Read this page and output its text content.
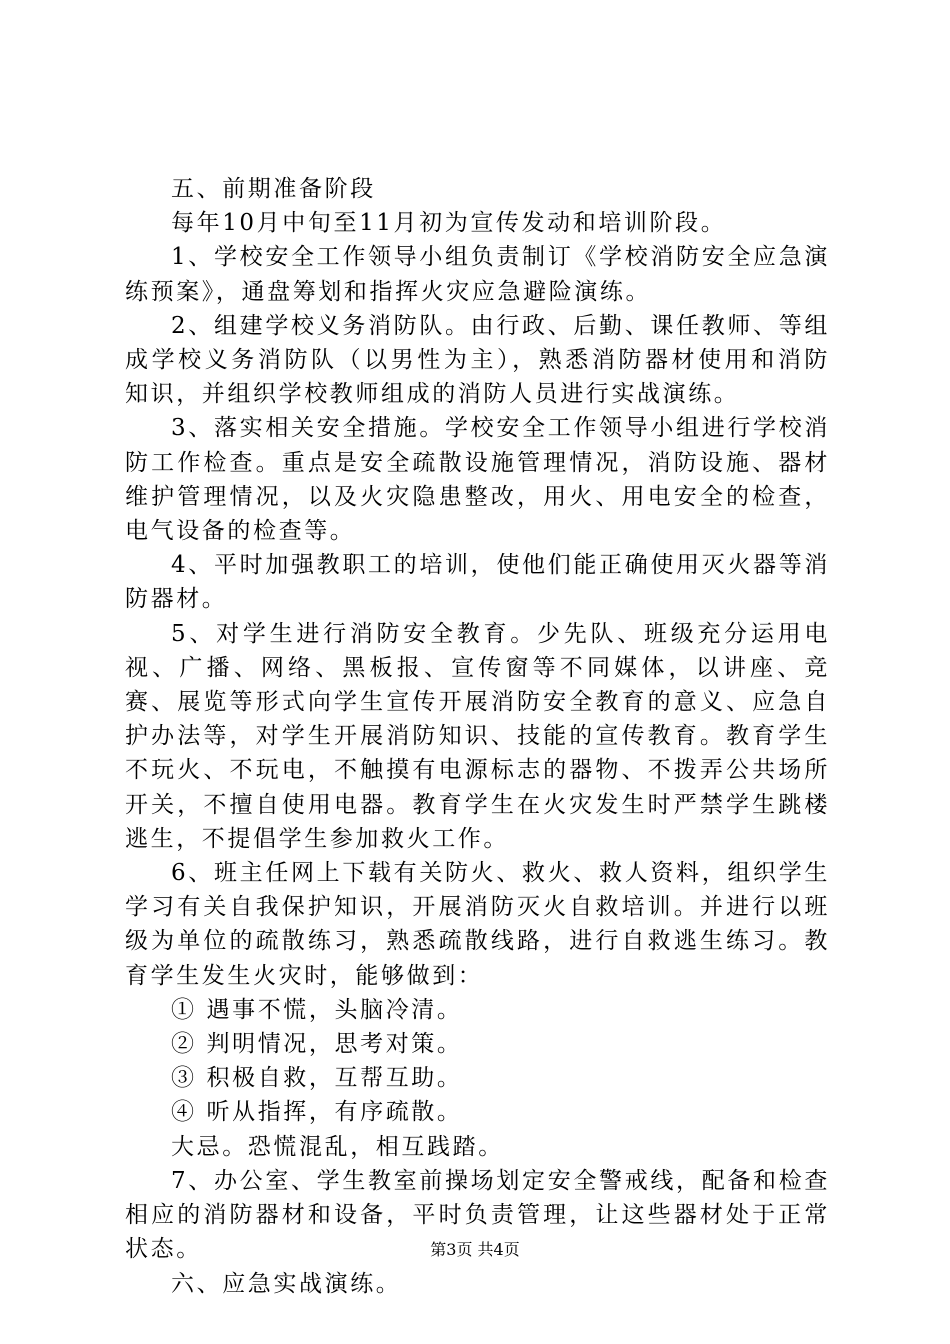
五、前期准备阶段

每年10月中旬至11月初为宣传发动和培训阶段。

1、学校安全工作领导小组负责制订《学校消防安全应急演练预案》，通盘筹划和指挥火灾应急避险演练。

2、组建学校义务消防队。由行政、后勤、课任教师、等组成学校义务消防队（以男性为主），熟悉消防器材使用和消防知识，并组织学校教师组成的消防人员进行实战演练。

3、落实相关安全措施。学校安全工作领导小组进行学校消防工作检查。重点是安全疏散设施管理情况，消防设施、器材维护管理情况，以及火灾隐患整改，用火、用电安全的检查，电气设备的检查等。

4、平时加强教职工的培训，使他们能正确使用灭火器等消防器材。

5、对学生进行消防安全教育。少先队、班级充分运用电视、广播、网络、黑板报、宣传窗等不同媒体，以讲座、竞赛、展览等形式向学生宣传开展消防安全教育的意义、应急自护办法等，对学生开展消防知识、技能的宣传教育。教育学生不玩火、不玩电，不触摸有电源标志的器物、不拨弄公共场所开关，不擅自使用电器。教育学生在火灾发生时严禁学生跳楼逃生，不提倡学生参加救火工作。

6、班主任网上下载有关防火、救火、救人资料，组织学生学习有关自我保护知识，开展消防灭火自救培训。并进行以班级为单位的疏散练习，熟悉疏散线路，进行自救逃生练习。教育学生发生火灾时，能够做到：

① 遇事不慌，头脑冷清。

② 判明情况，思考对策。

③ 积极自救，互帮互助。

④ 听从指挥，有序疏散。

大忌。恐慌混乱，相互践踏。

7、办公室、学生教室前操场划定安全警戒线，配备和检查相应的消防器材和设备，平时负责管理，让这些器材处于正常状态。

六、应急实战演练。

第3页 共4页
